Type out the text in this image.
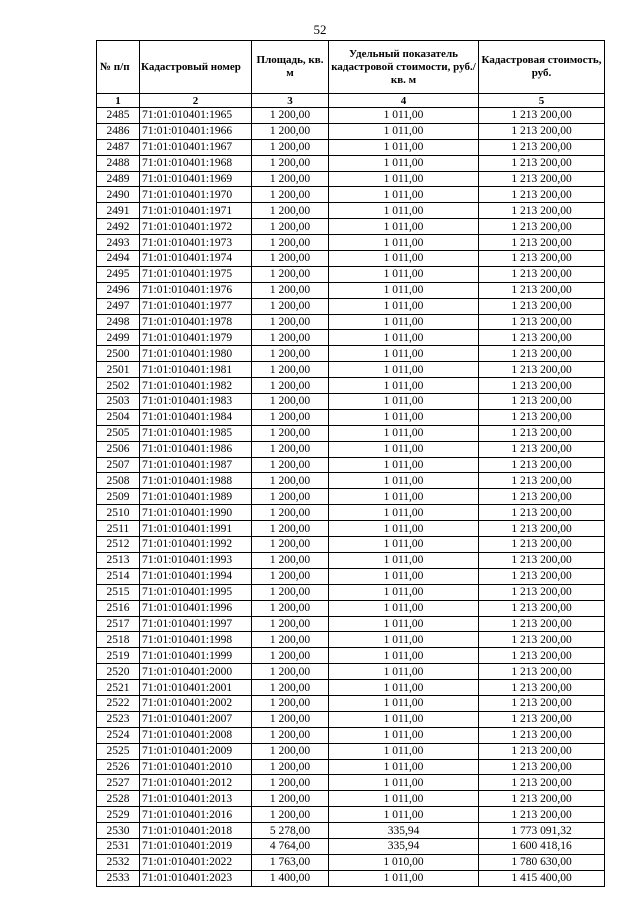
52
№ п/п	Кадастровый номер	Площадь, кв. м	Удельный показатель кадастровой стоимости, руб./кв. м	Кадастровая стоимость, руб.
1	2	3	4	5
2485	71:01:010401:1965	1 200,00	1 011,00	1 213 200,00
2486	71:01:010401:1966	1 200,00	1 011,00	1 213 200,00
2487	71:01:010401:1967	1 200,00	1 011,00	1 213 200,00
2488	71:01:010401:1968	1 200,00	1 011,00	1 213 200,00
2489	71:01:010401:1969	1 200,00	1 011,00	1 213 200,00
2490	71:01:010401:1970	1 200,00	1 011,00	1 213 200,00
2491	71:01:010401:1971	1 200,00	1 011,00	1 213 200,00
2492	71:01:010401:1972	1 200,00	1 011,00	1 213 200,00
2493	71:01:010401:1973	1 200,00	1 011,00	1 213 200,00
2494	71:01:010401:1974	1 200,00	1 011,00	1 213 200,00
2495	71:01:010401:1975	1 200,00	1 011,00	1 213 200,00
2496	71:01:010401:1976	1 200,00	1 011,00	1 213 200,00
2497	71:01:010401:1977	1 200,00	1 011,00	1 213 200,00
2498	71:01:010401:1978	1 200,00	1 011,00	1 213 200,00
2499	71:01:010401:1979	1 200,00	1 011,00	1 213 200,00
2500	71:01:010401:1980	1 200,00	1 011,00	1 213 200,00
2501	71:01:010401:1981	1 200,00	1 011,00	1 213 200,00
2502	71:01:010401:1982	1 200,00	1 011,00	1 213 200,00
2503	71:01:010401:1983	1 200,00	1 011,00	1 213 200,00
2504	71:01:010401:1984	1 200,00	1 011,00	1 213 200,00
2505	71:01:010401:1985	1 200,00	1 011,00	1 213 200,00
2506	71:01:010401:1986	1 200,00	1 011,00	1 213 200,00
2507	71:01:010401:1987	1 200,00	1 011,00	1 213 200,00
2508	71:01:010401:1988	1 200,00	1 011,00	1 213 200,00
2509	71:01:010401:1989	1 200,00	1 011,00	1 213 200,00
2510	71:01:010401:1990	1 200,00	1 011,00	1 213 200,00
2511	71:01:010401:1991	1 200,00	1 011,00	1 213 200,00
2512	71:01:010401:1992	1 200,00	1 011,00	1 213 200,00
2513	71:01:010401:1993	1 200,00	1 011,00	1 213 200,00
2514	71:01:010401:1994	1 200,00	1 011,00	1 213 200,00
2515	71:01:010401:1995	1 200,00	1 011,00	1 213 200,00
2516	71:01:010401:1996	1 200,00	1 011,00	1 213 200,00
2517	71:01:010401:1997	1 200,00	1 011,00	1 213 200,00
2518	71:01:010401:1998	1 200,00	1 011,00	1 213 200,00
2519	71:01:010401:1999	1 200,00	1 011,00	1 213 200,00
2520	71:01:010401:2000	1 200,00	1 011,00	1 213 200,00
2521	71:01:010401:2001	1 200,00	1 011,00	1 213 200,00
2522	71:01:010401:2002	1 200,00	1 011,00	1 213 200,00
2523	71:01:010401:2007	1 200,00	1 011,00	1 213 200,00
2524	71:01:010401:2008	1 200,00	1 011,00	1 213 200,00
2525	71:01:010401:2009	1 200,00	1 011,00	1 213 200,00
2526	71:01:010401:2010	1 200,00	1 011,00	1 213 200,00
2527	71:01:010401:2012	1 200,00	1 011,00	1 213 200,00
2528	71:01:010401:2013	1 200,00	1 011,00	1 213 200,00
2529	71:01:010401:2016	1 200,00	1 011,00	1 213 200,00
2530	71:01:010401:2018	5 278,00	335,94	1 773 091,32
2531	71:01:010401:2019	4 764,00	335,94	1 600 418,16
2532	71:01:010401:2022	1 763,00	1 010,00	1 780 630,00
2533	71:01:010401:2023	1 400,00	1 011,00	1 415 400,00
